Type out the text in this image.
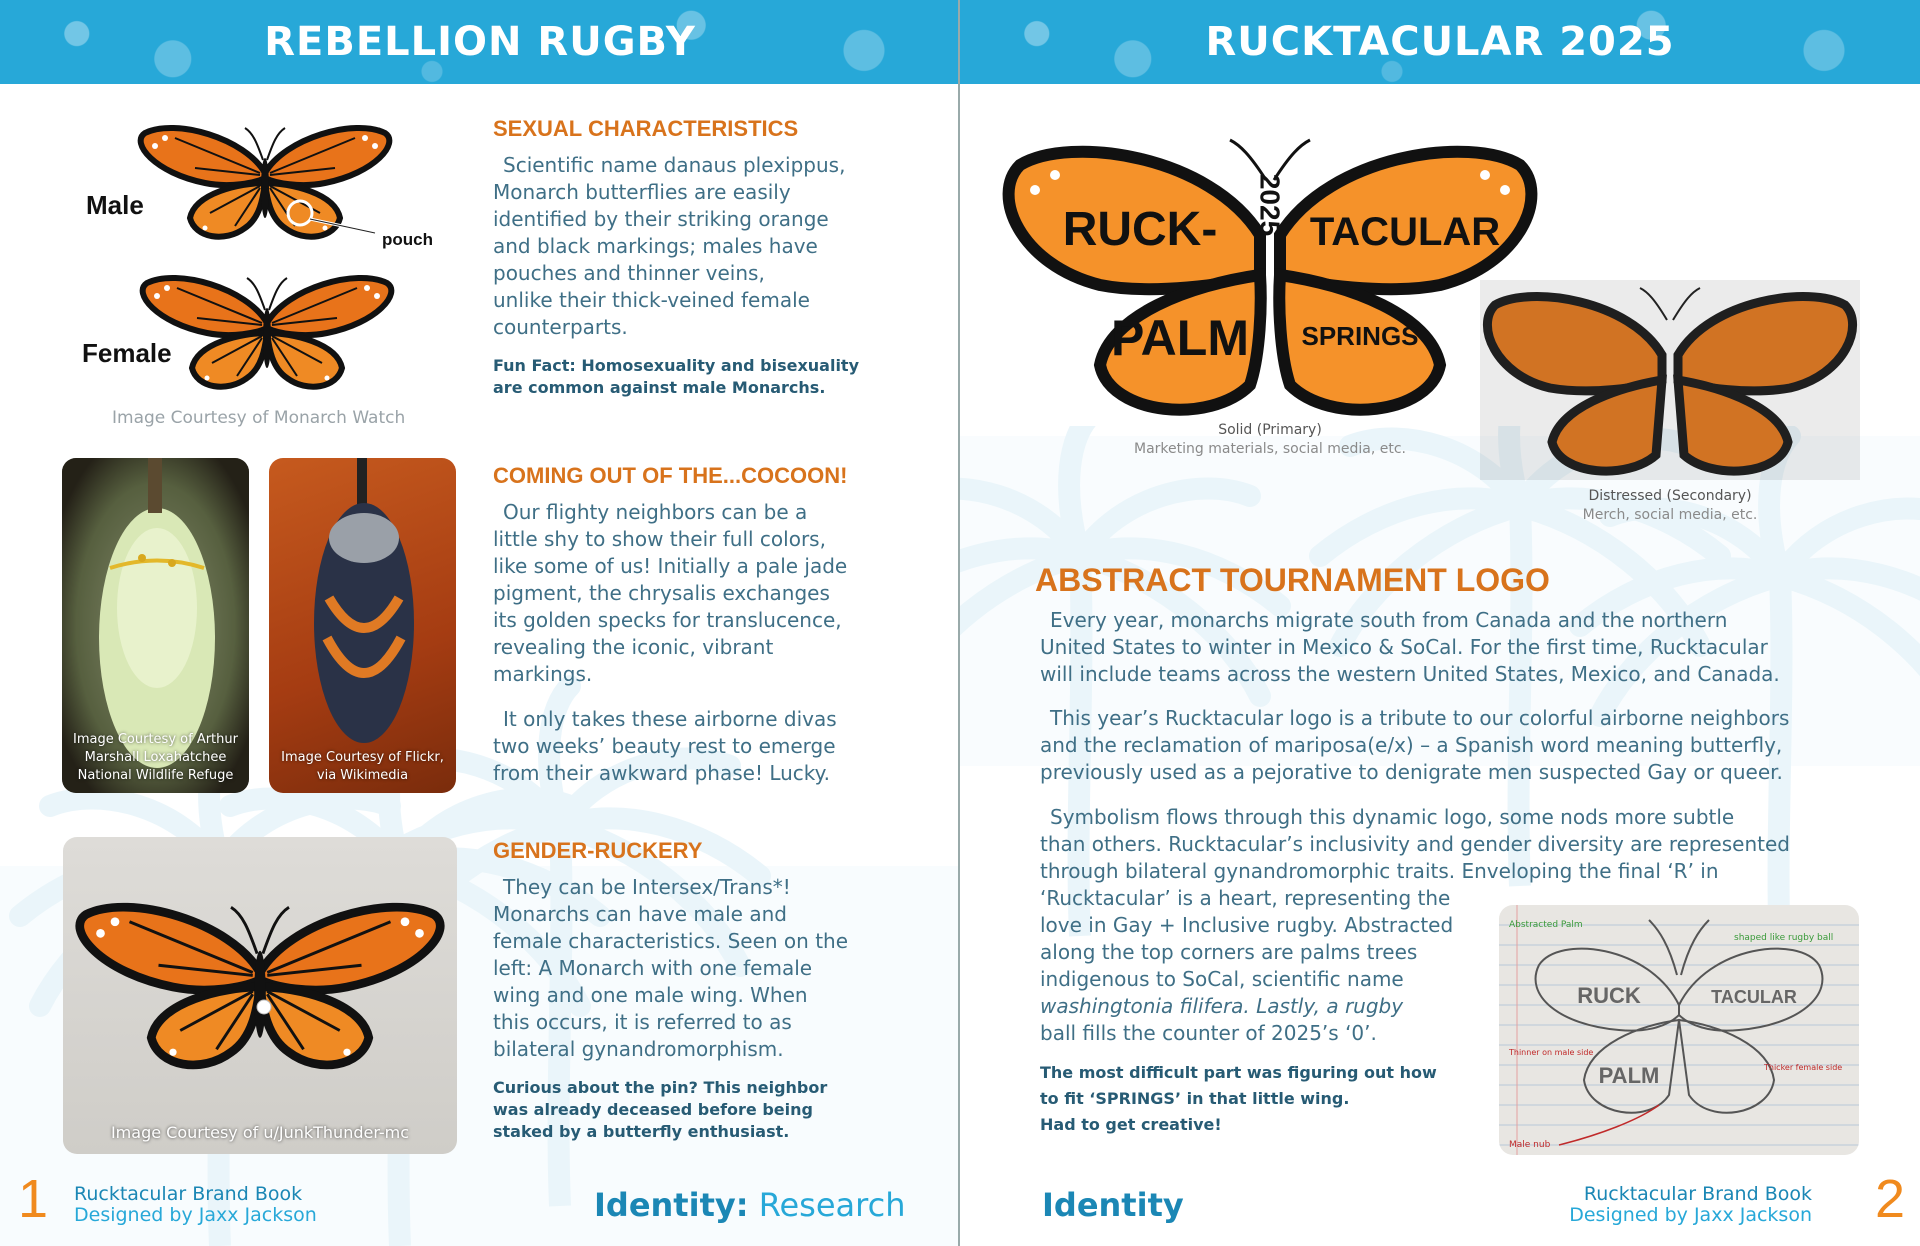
REBELLION RUGBY
Male
pouch
Female
Image Courtesy of Monarch Watch
SEXUAL CHARACTERISTICS
Scientific name danaus plexippus,
Monarch butterflies are easily
identified by their striking orange
and black markings; males have
pouches and thinner veins,
unlike their thick-veined female
counterparts.
Fun Fact: Homosexuality and bisexuality
are common against male Monarchs.
Image Courtesy of Arthur Marshall Loxahatchee National Wildlife Refuge
Image Courtesy of Flickr, via Wikimedia
COMING OUT OF THE...COCOON!
Our flighty neighbors can be a
little shy to show their full colors,
like some of us! Initially a pale jade
pigment, the chrysalis exchanges
its golden specks for translucence,
revealing the iconic, vibrant
markings.
It only takes these airborne divas
two weeks’ beauty rest to emerge
from their awkward phase! Lucky.
Image Courtesy of u/JunkThunder-mc
GENDER-RUCKERY
They can be Intersex/Trans*!
Monarchs can have male and
female characteristics. Seen on the
left: A Monarch with one female
wing and one male wing. When
this occurs, it is referred to as
bilateral gynandromorphism.
Curious about the pin? This neighbor
was already deceased before being
staked by a butterfly enthusiast.
1 Rucktacular Brand Book
Designed by Jaxx Jackson	Identity: Research
RUCKTACULAR 2025
RUCK- TACULAR
PALM SPRINGS
2025
Solid (Primary)
Marketing materials, social media, etc.
Distressed (Secondary)
Merch, social media, etc.
ABSTRACT TOURNAMENT LOGO
Every year, monarchs migrate south from Canada and the northern
United States to winter in Mexico & SoCal. For the first time, Rucktacular
will include teams across the western United States, Mexico, and Canada.
This year’s Rucktacular logo is a tribute to our colorful airborne neighbors
and the reclamation of mariposa(e/x) – a Spanish word meaning butterfly,
previously used as a pejorative to denigrate men suspected Gay or queer.
Symbolism flows through this dynamic logo, some nods more subtle
than others. Rucktacular’s inclusivity and gender diversity are represented
through bilateral gynandromorphic traits. Enveloping the final ‘R’ in
‘Rucktacular’ is a heart, representing the
love in Gay + Inclusive rugby. Abstracted
along the top corners are palms trees
indigenous to SoCal, scientific name
washingtonia filifera. Lastly, a rugby
ball fills the counter of 2025’s ‘0’.
The most difficult part was figuring out how
to fit ‘SPRINGS’ in that little wing.
Had to get creative!
RUCK	TACULAR
PALM
Abstracted Palm
shaped like rugby ball
Thinner on male side
Thicker female side
Male nub
Identity	Rucktacular Brand Book
Designed by Jaxx Jackson 2
